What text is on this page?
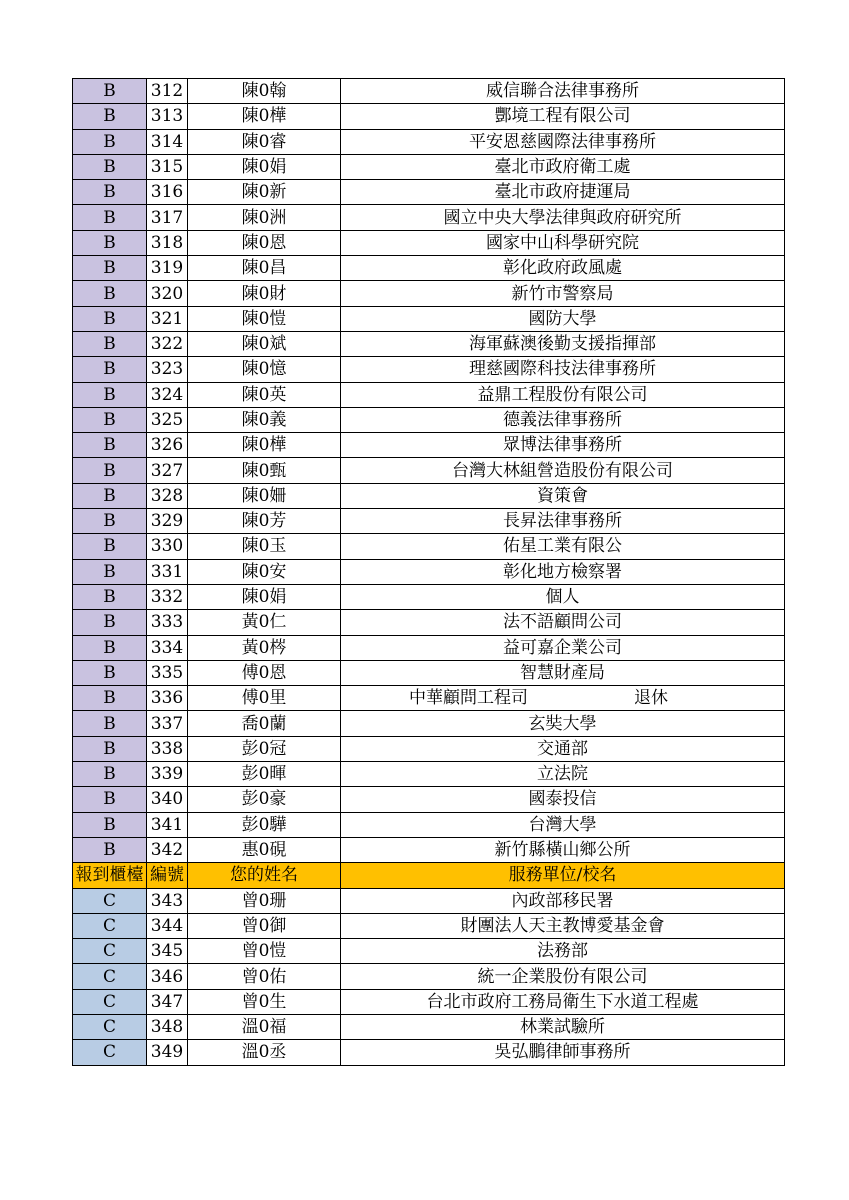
B	312	陳0翰	威信聯合法律事務所
B	313	陳0樺	酆境工程有限公司
B	314	陳0睿	平安恩慈國際法律事務所
B	315	陳0娟	臺北市政府衛工處
B	316	陳0新	臺北市政府捷運局
B	317	陳0洲	國立中央大學法律與政府研究所
B	318	陳0恩	國家中山科學研究院
B	319	陳0昌	彰化政府政風處
B	320	陳0財	新竹市警察局
B	321	陳0愷	國防大學
B	322	陳0斌	海軍蘇澳後勤支援指揮部
B	323	陳0憶	理慈國際科技法律事務所
B	324	陳0英	益鼎工程股份有限公司
B	325	陳0義	德義法律事務所
B	326	陳0樺	眾博法律事務所
B	327	陳0甄	台灣大林組營造股份有限公司
B	328	陳0姍	資策會
B	329	陳0芳	長昇法律事務所
B	330	陳0玉	佑星工業有限公
B	331	陳0安	彰化地方檢察署
B	332	陳0娟	個人
B	333	黃0仁	法不語顧問公司
B	334	黃0梣	益可嘉企業公司
B	335	傅0恩	智慧財產局
B	336	傅0里	中華顧問工程司 退休

B	337	喬0蘭	玄奘大學
B	338	彭0冠	交通部
B	339	彭0暉	立法院
B	340	彭0豪	國泰投信
B	341	彭0驊	台灣大學
B	342	惠0硯	新竹縣橫山鄉公所
報到櫃檯	編號	您的姓名	服務單位/校名
C	343	曾0珊	內政部移民署
C	344	曾0御	財團法人天主教博愛基金會
C	345	曾0愷	法務部
C	346	曾0佑	統一企業股份有限公司
C	347	曾0生	台北市政府工務局衛生下水道工程處
C	348	溫0福	林業試驗所
C	349	溫0丞	吳弘鵬律師事務所
